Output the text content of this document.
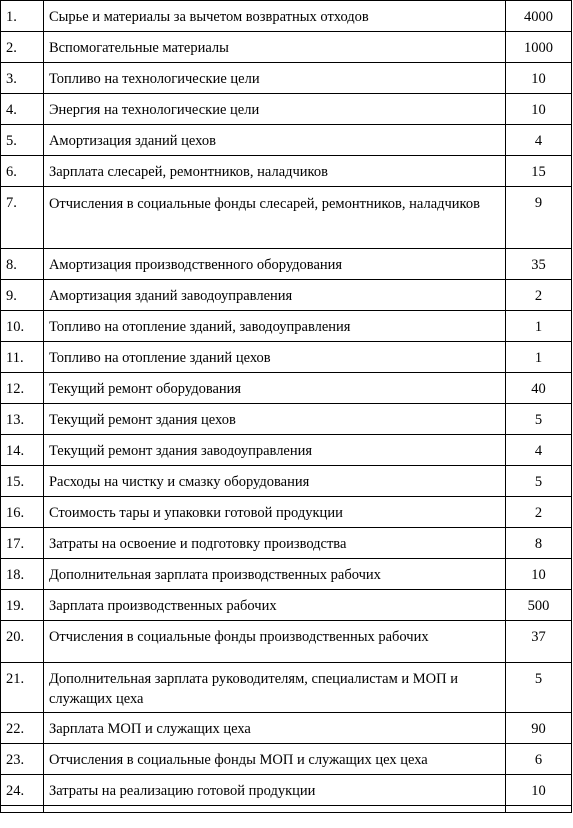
1.	Сырье и материалы за вычетом возвратных отходов	4000

2.	Вспомогательные материалы	1000

3.	Топливо на технологические цели	10

4.	Энергия на технологические цели	10

5.	Амортизация зданий цехов	4

6.	Зарплата слесарей, ремонтников, наладчиков	15

7.	Отчисления в социальные фонды слесарей, ремонтников, наладчиков	9

8.	Амортизация производственного оборудования	35

9.	Амортизация зданий заводоуправления	2

10.	Топливо на отопление зданий, заводоуправления	1

11.	Топливо на отопление зданий цехов	1

12.	Текущий ремонт оборудования	40

13.	Текущий ремонт здания цехов	5

14.	Текущий ремонт здания заводоуправления	4

15.	Расходы на чистку и смазку оборудования	5

16.	Стоимость тары и упаковки готовой продукции	2

17.	Затраты на освоение и подготовку производства	8

18.	Дополнительная зарплата производственных рабочих	10

19.	Зарплата производственных рабочих	500

20.	Отчисления в социальные фонды производственных рабочих	37

21.	Дополнительная зарплата руководителям, специалистам и МОП и служащих цеха	5

22.	Зарплата МОП и служащих цеха	90

23.	Отчисления в социальные фонды МОП и служащих цех цеха	6

24.	Затраты на реализацию готовой продукции	10
